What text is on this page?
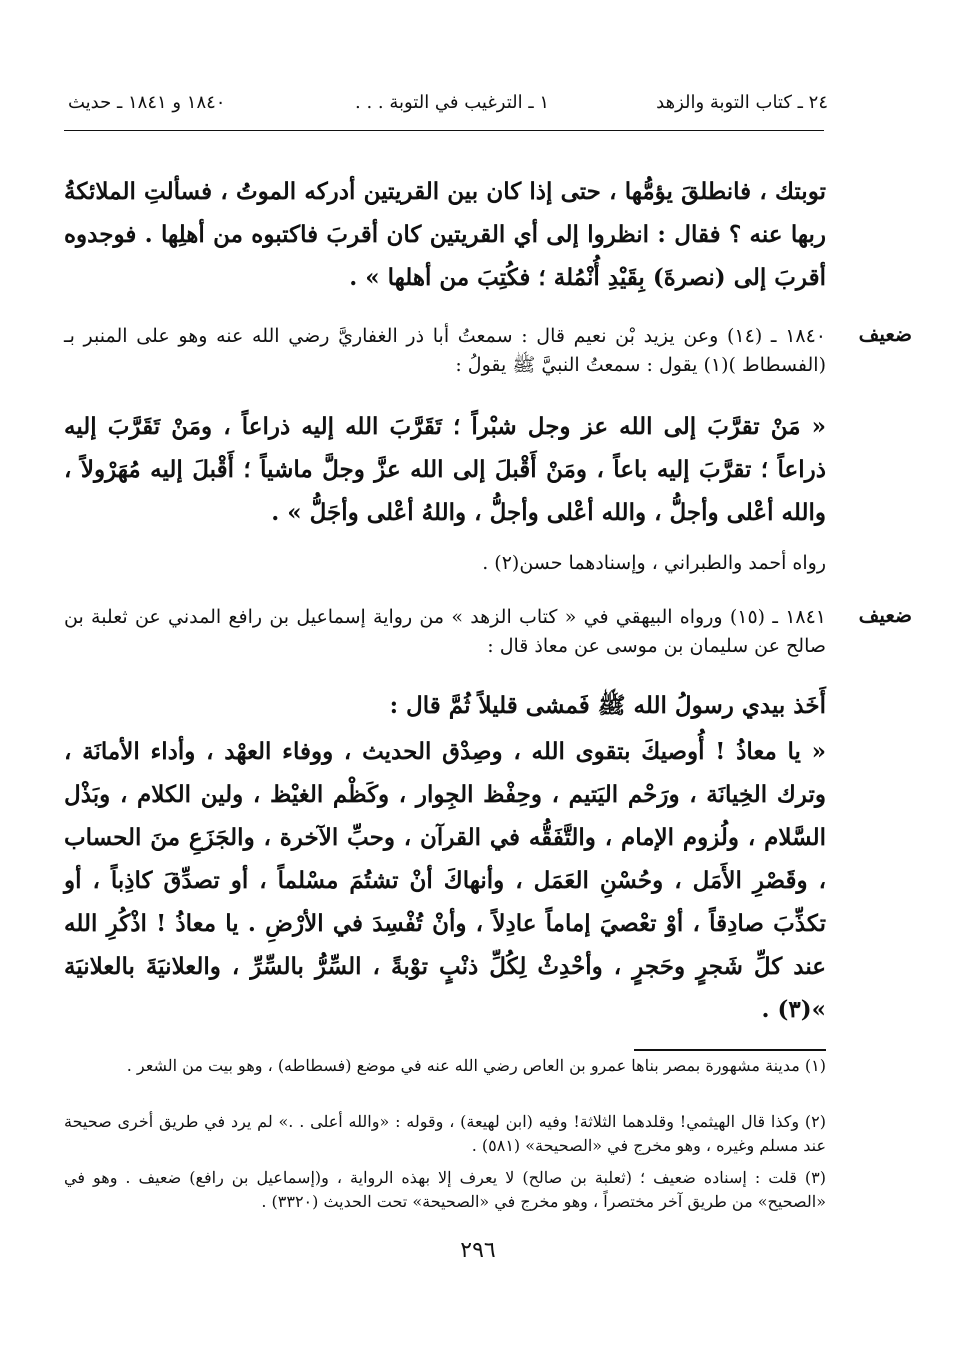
٢٤ ـ كتاب التوبة والزهد
١ ـ الترغيب في التوبة . . .
١٨٤٠ و ١٨٤١ ـ حديث

توبتك ، فانطلقَ يؤمُّها ، حتى إذا كان بين القريتين أدركه الموتُ ، فسألتِ الملائكةُ ربها عنه ؟ فقال : انظروا إلى أي القريتين كان أقربَ فاكتبوه من أهلِها . فوجدوه أقربَ إلى (نصرةَ) بِقَيْدِ أُنْمُلة ؛ فكُتِبَ من أهلها » .

ضعيف

١٨٤٠ ـ (١٤) وعن يزيد بْن نعيم قال : سمعتُ أبا ذر الغفاريَّ رضي الله عنه وهو على المنبر بـ (الفسطاط )(١) يقول : سمعتُ النبيَّ ﷺ يقولُ :

« مَنْ تقرَّبَ إلى الله عز وجل شبْراً ؛ تَقَرَّبَ الله إليه ذراعاً ، ومَنْ تَقَرَّبَ إليه ذراعاً ؛ تقرَّبَ إليه باعاً ، ومَنْ أَقْبلَ إلى الله عزَّ وجلَّ ماشياً ؛ أَقْبلَ إليه مُهَرْولاً ، والله أعْلى وأجلُّ ، والله أعْلى وأجلُّ ، واللهُ أعْلى وأجَلُّ » .

رواه أحمد والطبراني ، وإسنادهما حسن(٢) .

ضعيف

١٨٤١ ـ (١٥) ورواه البيهقي في « كتاب الزهد » من رواية إسماعيل بن رافع المدني عن ثعلبة بن صالح عن سليمان بن موسى عن معاذ قال :

أَخَذ بيدي رسولُ الله ﷺ فَمشى قليلاً ثُمَّ قال :

« يا معاذُ ! أُوصيكَ بتقوى الله ، وصِدْق الحديث ، ووفاء العهْد ، وأداء الأمانَة ، وترك الخِيانَة ، ورَحْم اليَتيم ، وحِفْظ الجِوار ، وكَظْم الغيْظ ، ولين الكلام ، وبَذْل السَّلام ، ولُزوم الإمام ، والتَّفَقُّه في القرآن ، وحبِّ الآخرة ، والجَزَعِ منَ الحساب ، وقَصْرِ الأَمَل ، وحُسْنِ العَمَل ، وأنهاكَ أنْ تشتُمَ مسْلماً ، أو تصدِّقَ كاذِباً ، أو تكذِّبَ صادِقاً ، أوْ تعْصيَ إماماً عادِلاً ، وأنْ تُفْسِدَ في الأرْضِ . يا معاذُ ! اذْكُرِ الله عند كلِّ شَجرٍ وحَجرٍ ، وأحْدِثْ لِكُلِّ ذنْبٍ توْبةً ، السِّرُّ بالسِّرِّ ، والعلانيَةَ بالعلانيَة »(٣) .

(١) مدينة مشهورة بمصر بناها عمرو بن العاص رضي الله عنه في موضع (فسطاطه) ، وهو بيت من الشعر .
(٢) وكذا قال الهيثمي! وقلدهما الثلاثة! وفيه (ابن لهيعة) ، وقوله : «والله أعلى . .» لم يرد في طريق أخرى صحيحة عند مسلم وغيره ، وهو مخرج في «الصحيحة» (٥٨١) .
(٣) قلت : إسناده ضعيف ؛ (ثعلبة بن صالح) لا يعرف إلا بهذه الرواية ، و(إسماعيل بن رافع) ضعيف . وهو في «الصحيح» من طريق آخر مختصراً ، وهو مخرج في «الصحيحة» تحت الحديث (٣٣٢٠) .
٢٩٦
